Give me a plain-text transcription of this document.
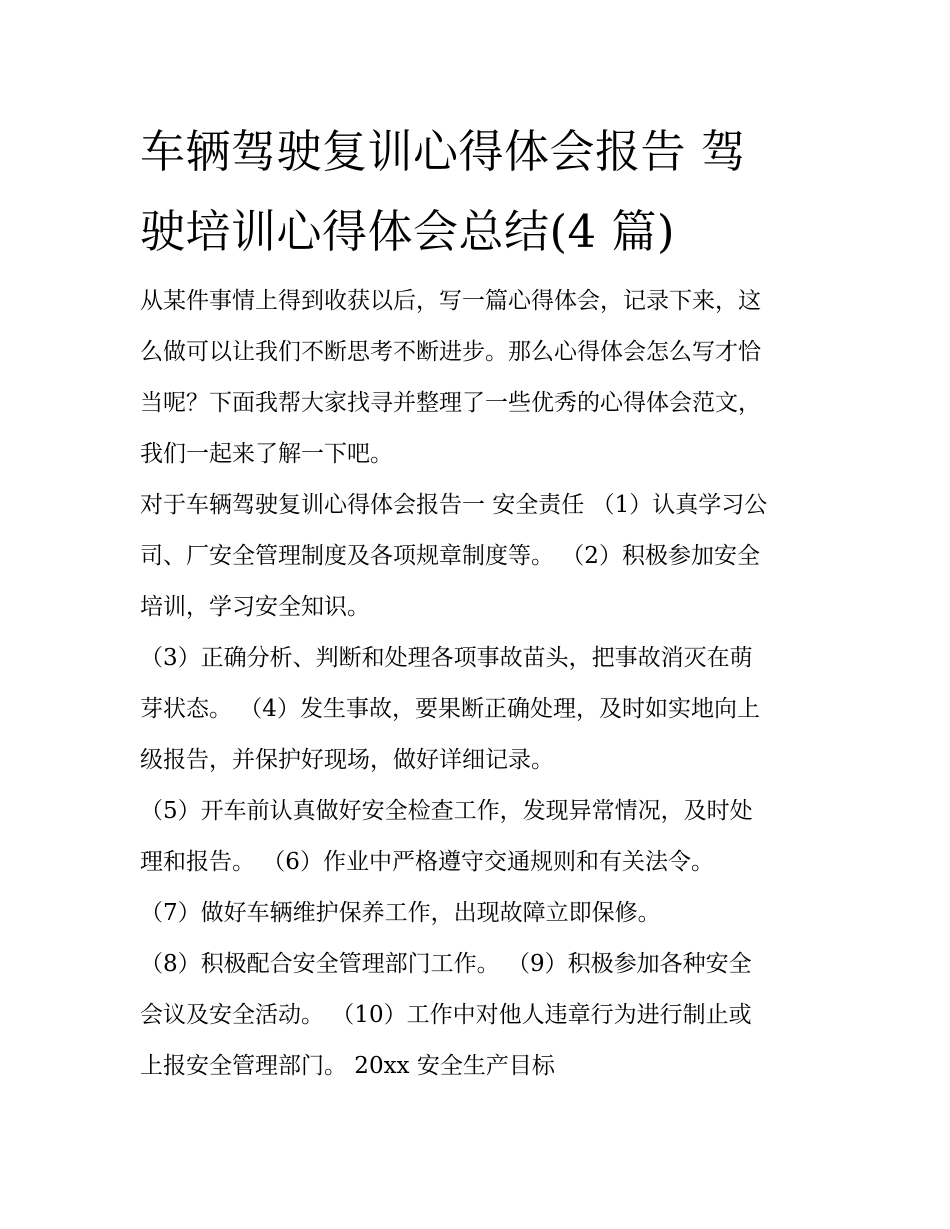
车辆驾驶复训心得体会报告 驾
驶培训心得体会总结(4 篇)
从某件事情上得到收获以后，写一篇心得体会，记录下来，这
么做可以让我们不断思考不断进步。那么心得体会怎么写才恰
当呢？下面我帮大家找寻并整理了一些优秀的心得体会范文，
我们一起来了解一下吧。
对于车辆驾驶复训心得体会报告一 安全责任 （1）认真学习公
司、厂安全管理制度及各项规章制度等。 （2）积极参加安全
培训，学习安全知识。
（3）正确分析、判断和处理各项事故苗头，把事故消灭在萌
芽状态。 （4）发生事故，要果断正确处理，及时如实地向上
级报告，并保护好现场，做好详细记录。
（5）开车前认真做好安全检查工作，发现异常情况，及时处
理和报告。 （6）作业中严格遵守交通规则和有关法令。
（7）做好车辆维护保养工作，出现故障立即保修。
（8）积极配合安全管理部门工作。 （9）积极参加各种安全
会议及安全活动。 （10）工作中对他人违章行为进行制止或
上报安全管理部门。 20xx 安全生产目标
